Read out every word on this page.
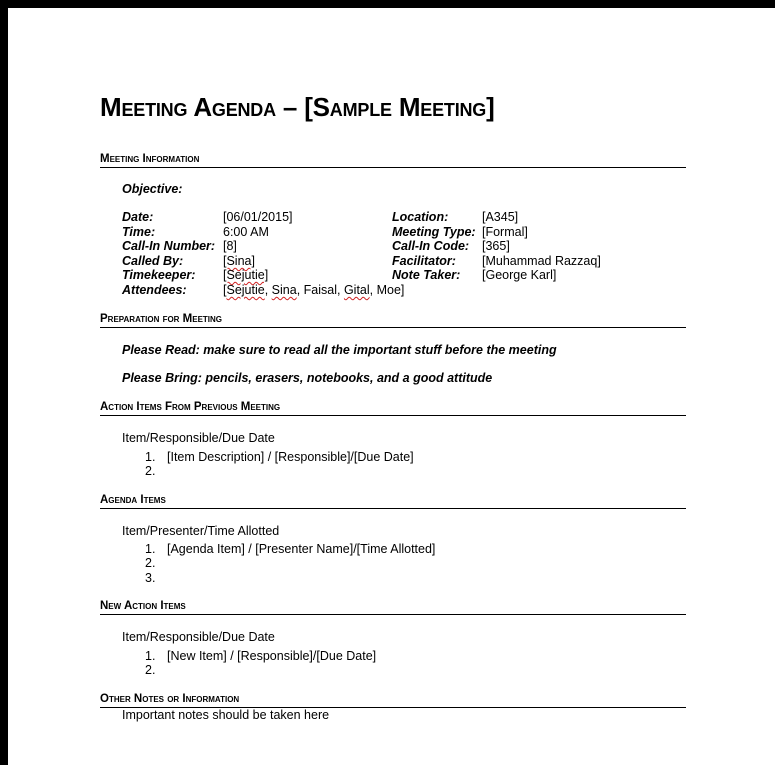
Meeting Agenda – [Sample Meeting]
Meeting Information
Objective:
Date:	[06/01/2015]	Location:	[A345]
Time:	6:00 AM	Meeting Type: [Formal]
Call-In Number: [8]	Call-In Code: [365]
Called By:	[Sina]	Facilitator: [Muhammad Razzaq]
Timekeeper: [Sejutie]	Note Taker: [George Karl]
Attendees:	[Sejutie, Sina, Faisal, Gital, Moe]
Preparation for Meeting
Please Read: make sure to read all the important stuff before the meeting
Please Bring: pencils, erasers, notebooks, and a good attitude
Action Items From Previous Meeting
Item/Responsible/Due Date
1. [Item Description] / [Responsible]/[Due Date]
2.
Agenda Items
Item/Presenter/Time Allotted
1. [Agenda Item] / [Presenter Name]/[Time Allotted]
2.
3.
New Action Items
Item/Responsible/Due Date
1. [New Item] / [Responsible]/[Due Date]
2.
Other Notes or Information
Important notes should be taken here
